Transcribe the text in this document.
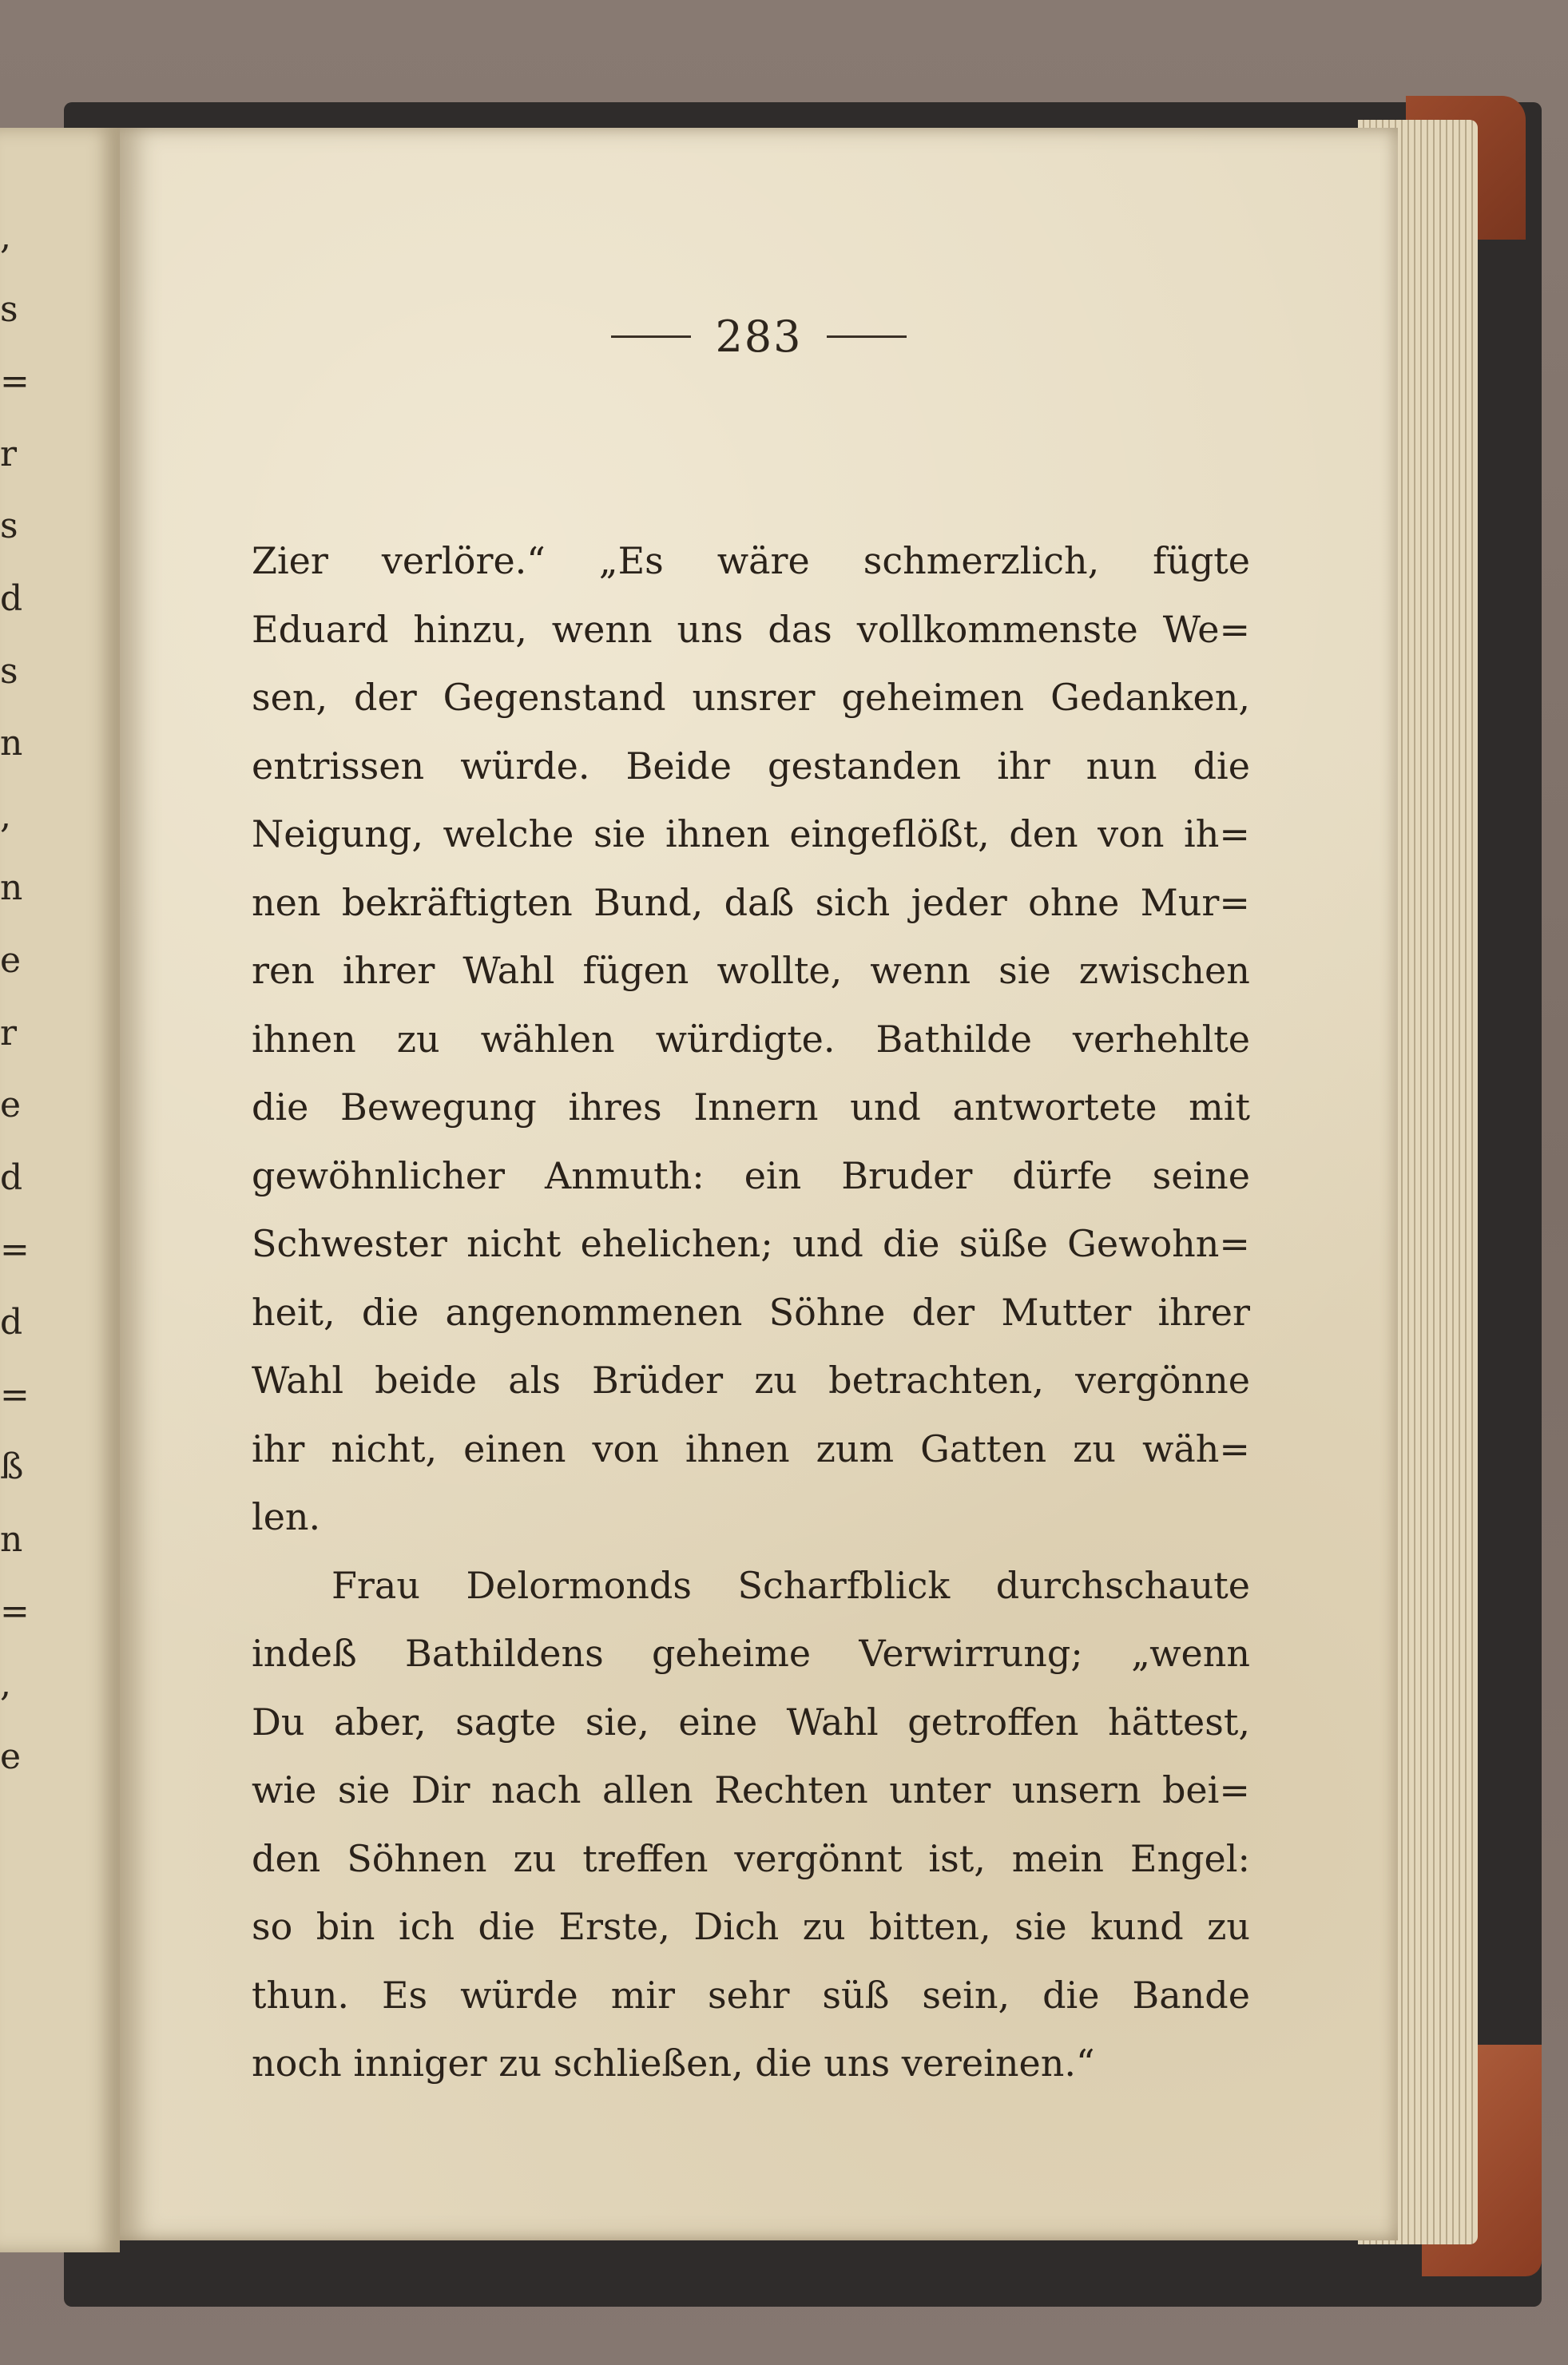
,
s
=
r
s
d
s
n
,
n
e
r
e
d
=
d
=
ß
n
=
,
e
283
Zier verlöre.“ „Es wäre schmerzlich, fügte
Eduard hinzu, wenn uns das vollkommenste We=
sen, der Gegenstand unsrer geheimen Gedanken,
entrissen würde. Beide gestanden ihr nun die
Neigung, welche sie ihnen eingeflößt, den von ih=
nen bekräftigten Bund, daß sich jeder ohne Mur=
ren ihrer Wahl fügen wollte, wenn sie zwischen
ihnen zu wählen würdigte. Bathilde verhehlte
die Bewegung ihres Innern und antwortete mit
gewöhnlicher Anmuth: ein Bruder dürfe seine
Schwester nicht ehelichen; und die süße Gewohn=
heit, die angenommenen Söhne der Mutter ihrer
Wahl beide als Brüder zu betrachten, vergönne
ihr nicht, einen von ihnen zum Gatten zu wäh=
len.
Frau Delormonds Scharfblick durchschaute
indeß Bathildens geheime Verwirrung; „wenn
Du aber, sagte sie, eine Wahl getroffen hättest,
wie sie Dir nach allen Rechten unter unsern bei=
den Söhnen zu treffen vergönnt ist, mein Engel:
so bin ich die Erste, Dich zu bitten, sie kund zu
thun. Es würde mir sehr süß sein, die Bande
noch inniger zu schließen, die uns vereinen.“
